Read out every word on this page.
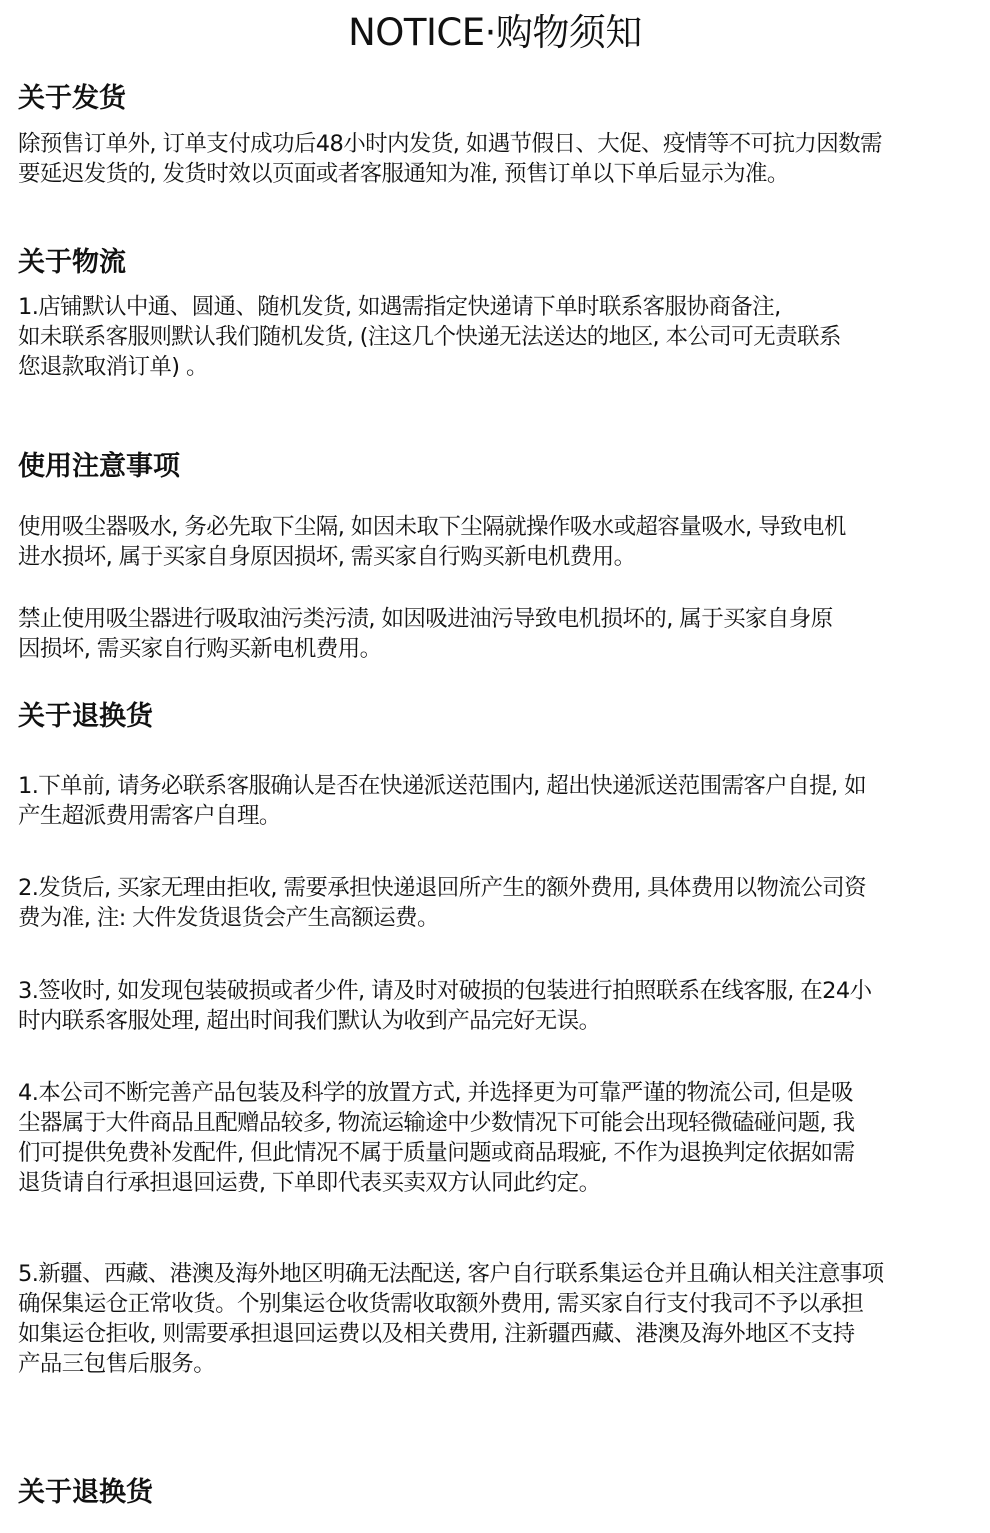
NOTICE·购物须知
关于发货
除预售订单外, 订单支付成功后48小时内发货, 如遇节假日、大促、疫情等不可抗力因数需
要延迟发货的, 发货时效以页面或者客服通知为准, 预售订单以下单后显示为准。
关于物流
1.店铺默认中通、圆通、随机发货, 如遇需指定快递请下单时联系客服协商备注,
如未联系客服则默认我们随机发货, (注这几个快递无法送达的地区, 本公司可无责联系
您退款取消订单) 。
使用注意事项
使用吸尘器吸水, 务必先取下尘隔, 如因未取下尘隔就操作吸水或超容量吸水, 导致电机
进水损坏, 属于买家自身原因损坏, 需买家自行购买新电机费用。
禁止使用吸尘器进行吸取油污类污渍, 如因吸进油污导致电机损坏的, 属于买家自身原
因损坏, 需买家自行购买新电机费用。
关于退换货
1.下单前, 请务必联系客服确认是否在快递派送范围内, 超出快递派送范围需客户自提, 如
产生超派费用需客户自理。
2.发货后, 买家无理由拒收, 需要承担快递退回所产生的额外费用, 具体费用以物流公司资
费为准, 注: 大件发货退货会产生高额运费。
3.签收时, 如发现包装破损或者少件, 请及时对破损的包装进行拍照联系在线客服, 在24小
时内联系客服处理, 超出时间我们默认为收到产品完好无误。
4.本公司不断完善产品包装及科学的放置方式, 并选择更为可靠严谨的物流公司, 但是吸
尘器属于大件商品且配赠品较多, 物流运输途中少数情况下可能会出现轻微磕碰问题, 我
们可提供免费补发配件, 但此情况不属于质量问题或商品瑕疵, 不作为退换判定依据如需
退货请自行承担退回运费, 下单即代表买卖双方认同此约定。
5.新疆、西藏、港澳及海外地区明确无法配送, 客户自行联系集运仓并且确认相关注意事项
确保集运仓正常收货。个别集运仓收货需收取额外费用, 需买家自行支付我司不予以承担
如集运仓拒收, 则需要承担退回运费以及相关费用, 注新疆西藏、港澳及海外地区不支持
产品三包售后服务。
关于退换货
